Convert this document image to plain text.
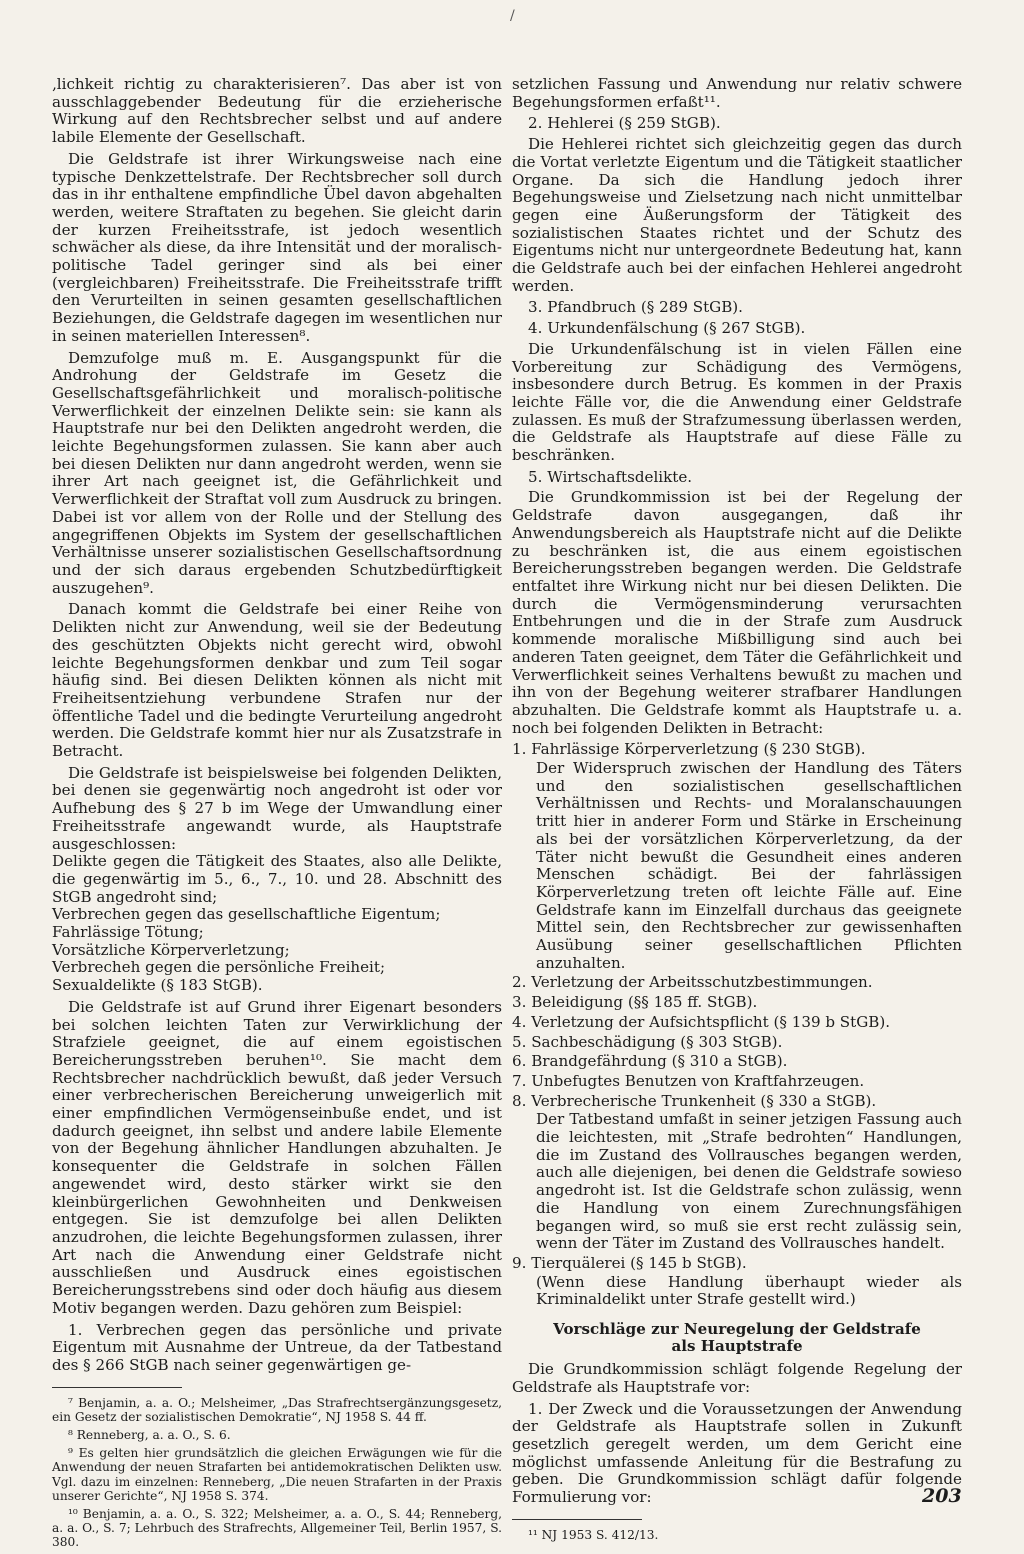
/

‚lichkeit richtig zu charakterisieren⁷. Das aber ist von ausschlaggebender Bedeutung für die erzieherische Wirkung auf den Rechtsbrecher selbst und auf andere labile Elemente der Gesellschaft.

Die Geldstrafe ist ihrer Wirkungsweise nach eine typische Denkzettelstrafe. Der Rechtsbrecher soll durch das in ihr enthaltene empfindliche Übel davon abgehalten werden, weitere Straftaten zu begehen. Sie gleicht darin der kurzen Freiheitsstrafe, ist jedoch wesentlich schwächer als diese, da ihre Intensität und der moralisch-politische Tadel geringer sind als bei einer (vergleichbaren) Freiheitsstrafe. Die Freiheitsstrafe trifft den Verurteilten in seinen gesamten gesellschaftlichen Beziehungen, die Geldstrafe dagegen im wesentlichen nur in seinen materiellen Interessen⁸.

Demzufolge muß m. E. Ausgangspunkt für die Androhung der Geldstrafe im Gesetz die Gesellschaftsgefährlichkeit und moralisch-politische Verwerflichkeit der einzelnen Delikte sein: sie kann als Hauptstrafe nur bei den Delikten angedroht werden, die leichte Begehungsformen zulassen. Sie kann aber auch bei diesen Delikten nur dann angedroht werden, wenn sie ihrer Art nach geeignet ist, die Gefährlichkeit und Verwerflichkeit der Straftat voll zum Ausdruck zu bringen. Dabei ist vor allem von der Rolle und der Stellung des angegriffenen Objekts im System der gesellschaftlichen Verhältnisse unserer sozialistischen Gesellschaftsordnung und der sich daraus ergebenden Schutzbedürftigkeit auszugehen⁹.

Danach kommt die Geldstrafe bei einer Reihe von Delikten nicht zur Anwendung, weil sie der Bedeutung des geschützten Objekts nicht gerecht wird, obwohl leichte Begehungsformen denkbar und zum Teil sogar häufig sind. Bei diesen Delikten können als nicht mit Freiheitsentziehung verbundene Strafen nur der öffentliche Tadel und die bedingte Verurteilung angedroht werden. Die Geldstrafe kommt hier nur als Zusatzstrafe in Betracht.

Die Geldstrafe ist beispielsweise bei folgenden Delikten, bei denen sie gegenwärtig noch angedroht ist oder vor Aufhebung des § 27 b im Wege der Umwandlung einer Freiheitsstrafe angewandt wurde, als Hauptstrafe ausgeschlossen:

Delikte gegen die Tätigkeit des Staates, also alle Delikte, die gegenwärtig im 5., 6., 7., 10. und 28. Abschnitt des StGB angedroht sind;
Verbrechen gegen das gesellschaftliche Eigentum;
Fahrlässige Tötung;
Vorsätzliche Körperverletzung;
Verbrecheh gegen die persönliche Freiheit;
Sexualdelikte (§ 183 StGB).

Die Geldstrafe ist auf Grund ihrer Eigenart besonders bei solchen leichten Taten zur Verwirklichung der Strafziele geeignet, die auf einem egoistischen Bereicherungsstreben beruhen¹⁰. Sie macht dem Rechtsbrecher nachdrücklich bewußt, daß jeder Versuch einer verbrecherischen Bereicherung unweigerlich mit einer empfindlichen Vermögenseinbuße endet, und ist dadurch geeignet, ihn selbst und andere labile Elemente von der Begehung ähnlicher Handlungen abzuhalten. Je konsequenter die Geldstrafe in solchen Fällen angewendet wird, desto stärker wirkt sie den kleinbürgerlichen Gewohnheiten und Denkweisen entgegen. Sie ist demzufolge bei allen Delikten anzudrohen, die leichte Begehungsformen zulassen, ihrer Art nach die Anwendung einer Geldstrafe nicht ausschließen und Ausdruck eines egoistischen Bereicherungsstrebens sind oder doch häufig aus diesem Motiv begangen werden. Dazu gehören zum Beispiel:

1. Verbrechen gegen das persönliche und private Eigentum mit Ausnahme der Untreue, da der Tatbestand des § 266 StGB nach seiner gegenwärtigen ge-

⁷ Benjamin, a. a. O.; Melsheimer, „Das Strafrechtsergänzungsgesetz, ein Gesetz der sozialistischen Demokratie“, NJ 1958 S. 44 ff.

⁸ Renneberg, a. a. O., S. 6.

⁹ Es gelten hier grundsätzlich die gleichen Erwägungen wie für die Anwendung der neuen Strafarten bei antidemokratischen Delikten usw. Vgl. dazu im einzelnen: Renneberg, „Die neuen Strafarten in der Praxis unserer Gerichte“, NJ 1958 S. 374.

¹⁰ Benjamin, a. a. O., S. 322; Melsheimer, a. a. O., S. 44; Renneberg, a. a. O., S. 7; Lehrbuch des Strafrechts, Allgemeiner Teil, Berlin 1957, S. 380.

setzlichen Fassung und Anwendung nur relativ schwere Begehungsformen erfaßt¹¹.

2. Hehlerei (§ 259 StGB).

Die Hehlerei richtet sich gleichzeitig gegen das durch die Vortat verletzte Eigentum und die Tätigkeit staatlicher Organe. Da sich die Handlung jedoch ihrer Begehungsweise und Zielsetzung nach nicht unmittelbar gegen eine Äußerungsform der Tätigkeit des sozialistischen Staates richtet und der Schutz des Eigentums nicht nur untergeordnete Bedeutung hat, kann die Geldstrafe auch bei der einfachen Hehlerei angedroht werden.

3. Pfandbruch (§ 289 StGB).
4. Urkundenfälschung (§ 267 StGB).

Die Urkundenfälschung ist in vielen Fällen eine Vorbereitung zur Schädigung des Vermögens, insbesondere durch Betrug. Es kommen in der Praxis leichte Fälle vor, die die Anwendung einer Geldstrafe zulassen. Es muß der Strafzumessung überlassen werden, die Geldstrafe als Hauptstrafe auf diese Fälle zu beschränken.

5. Wirtschaftsdelikte.

Die Grundkommission ist bei der Regelung der Geldstrafe davon ausgegangen, daß ihr Anwendungsbereich als Hauptstrafe nicht auf die Delikte zu beschränken ist, die aus einem egoistischen Bereicherungsstreben begangen werden. Die Geldstrafe entfaltet ihre Wirkung nicht nur bei diesen Delikten. Die durch die Vermögensminderung verursachten Entbehrungen und die in der Strafe zum Ausdruck kommende moralische Mißbilligung sind auch bei anderen Taten geeignet, dem Täter die Gefährlichkeit und Verwerflichkeit seines Verhaltens bewußt zu machen und ihn von der Begehung weiterer strafbarer Handlungen abzuhalten. Die Geldstrafe kommt als Hauptstrafe u. a. noch bei folgenden Delikten in Betracht:

1. Fahrlässige Körperverletzung (§ 230 StGB).
Der Widerspruch zwischen der Handlung des Täters und den sozialistischen gesellschaftlichen Verhältnissen und Rechts- und Moralanschauungen tritt hier in anderer Form und Stärke in Erscheinung als bei der vorsätzlichen Körperverletzung, da der Täter nicht bewußt die Gesundheit eines anderen Menschen schädigt. Bei der fahrlässigen Körperverletzung treten oft leichte Fälle auf. Eine Geldstrafe kann im Einzelfall durchaus das geeignete Mittel sein, den Rechtsbrecher zur gewissenhaften Ausübung seiner gesellschaftlichen Pflichten anzuhalten.
2. Verletzung der Arbeitsschutzbestimmungen.
3. Beleidigung (§§ 185 ff. StGB).
4. Verletzung der Aufsichtspflicht (§ 139 b StGB).
5. Sachbeschädigung (§ 303 StGB).
6. Brandgefährdung (§ 310 a StGB).
7. Unbefugtes Benutzen von Kraftfahrzeugen.
8. Verbrecherische Trunkenheit (§ 330 a StGB).
Der Tatbestand umfaßt in seiner jetzigen Fassung auch die leichtesten, mit „Strafe bedrohten“ Handlungen, die im Zustand des Vollrausches begangen werden, auch alle diejenigen, bei denen die Geldstrafe sowieso angedroht ist. Ist die Geldstrafe schon zulässig, wenn die Handlung von einem Zurechnungsfähigen begangen wird, so muß sie erst recht zulässig sein, wenn der Täter im Zustand des Vollrausches handelt.
9. Tierquälerei (§ 145 b StGB).
(Wenn diese Handlung überhaupt wieder als Kriminaldelikt unter Strafe gestellt wird.)
Vorschläge zur Neuregelung der Geldstrafe
als Hauptstrafe

Die Grundkommission schlägt folgende Regelung der Geldstrafe als Hauptstrafe vor:

1. Der Zweck und die Voraussetzungen der Anwendung der Geldstrafe als Hauptstrafe sollen in Zukunft gesetzlich geregelt werden, um dem Gericht eine möglichst umfassende Anleitung für die Bestrafung zu geben. Die Grundkommission schlägt dafür folgende Formulierung vor:

¹¹ NJ 1953 S. 412/13.

203
